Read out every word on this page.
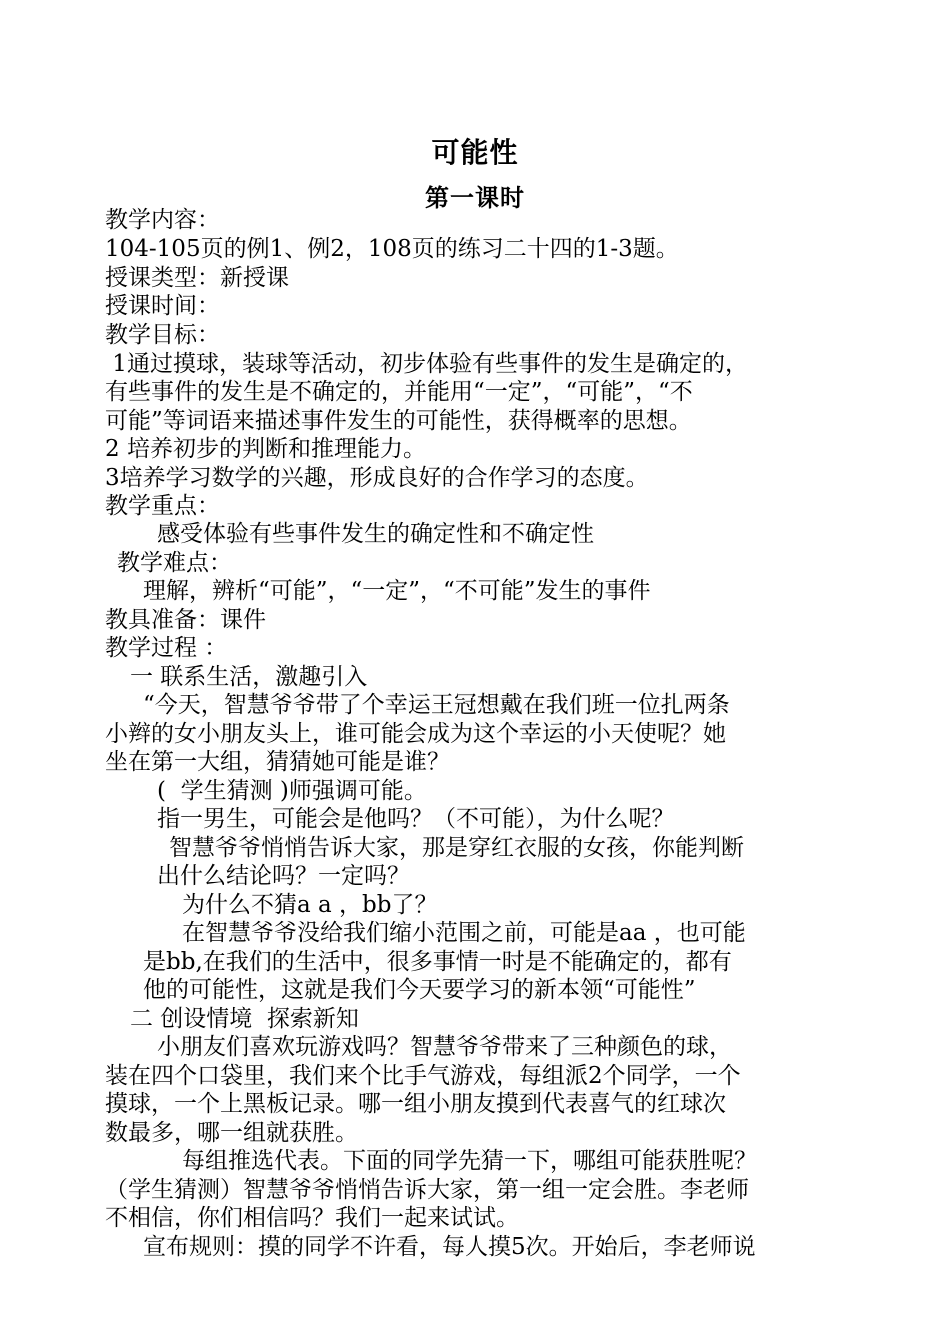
可能性
第一课时
教学内容：
104-105页的例1、例2，108页的练习二十四的1-3题。
授课类型：新授课
授课时间：
教学目标：
1通过摸球，装球等活动，初步体验有些事件的发生是确定的，
有些事件的发生是不确定的，并能用“一定”，“可能”，“不
可能”等词语来描述事件发生的可能性，获得概率的思想。
2 培养初步的判断和推理能力。
3培养学习数学的兴趣，形成良好的合作学习的态度。
教学重点：
感受体验有些事件发生的确定性和不确定性
教学难点：
理解，辨析“可能”，“一定”，“不可能”发生的事件
教具准备：课件
教学过程 ：
一 联系生活，激趣引入
“今天，智慧爷爷带了个幸运王冠想戴在我们班一位扎两条
小辫的女小朋友头上，谁可能会成为这个幸运的小天使呢？她
坐在第一大组，猜猜她可能是谁？
(  学生猜测 )师强调可能。
指一男生，可能会是他吗？（不可能），为什么呢？
智慧爷爷悄悄告诉大家，那是穿红衣服的女孩，你能判断
出什么结论吗？一定吗？
为什么不猜a a ，bb了？
在智慧爷爷没给我们缩小范围之前，可能是aa ，也可能
是bb,在我们的生活中，很多事情一时是不能确定的，都有
他的可能性，这就是我们今天要学习的新本领“可能性”
二 创设情境  探索新知
小朋友们喜欢玩游戏吗？智慧爷爷带来了三种颜色的球，
装在四个口袋里，我们来个比手气游戏，每组派2个同学，一个
摸球，一个上黑板记录。哪一组小朋友摸到代表喜气的红球次
数最多，哪一组就获胜。
每组推选代表。下面的同学先猜一下，哪组可能获胜呢？
（学生猜测）智慧爷爷悄悄告诉大家，第一组一定会胜。李老师
不相信，你们相信吗？我们一起来试试。
宣布规则：摸的同学不许看，每人摸5次。开始后，李老师说
